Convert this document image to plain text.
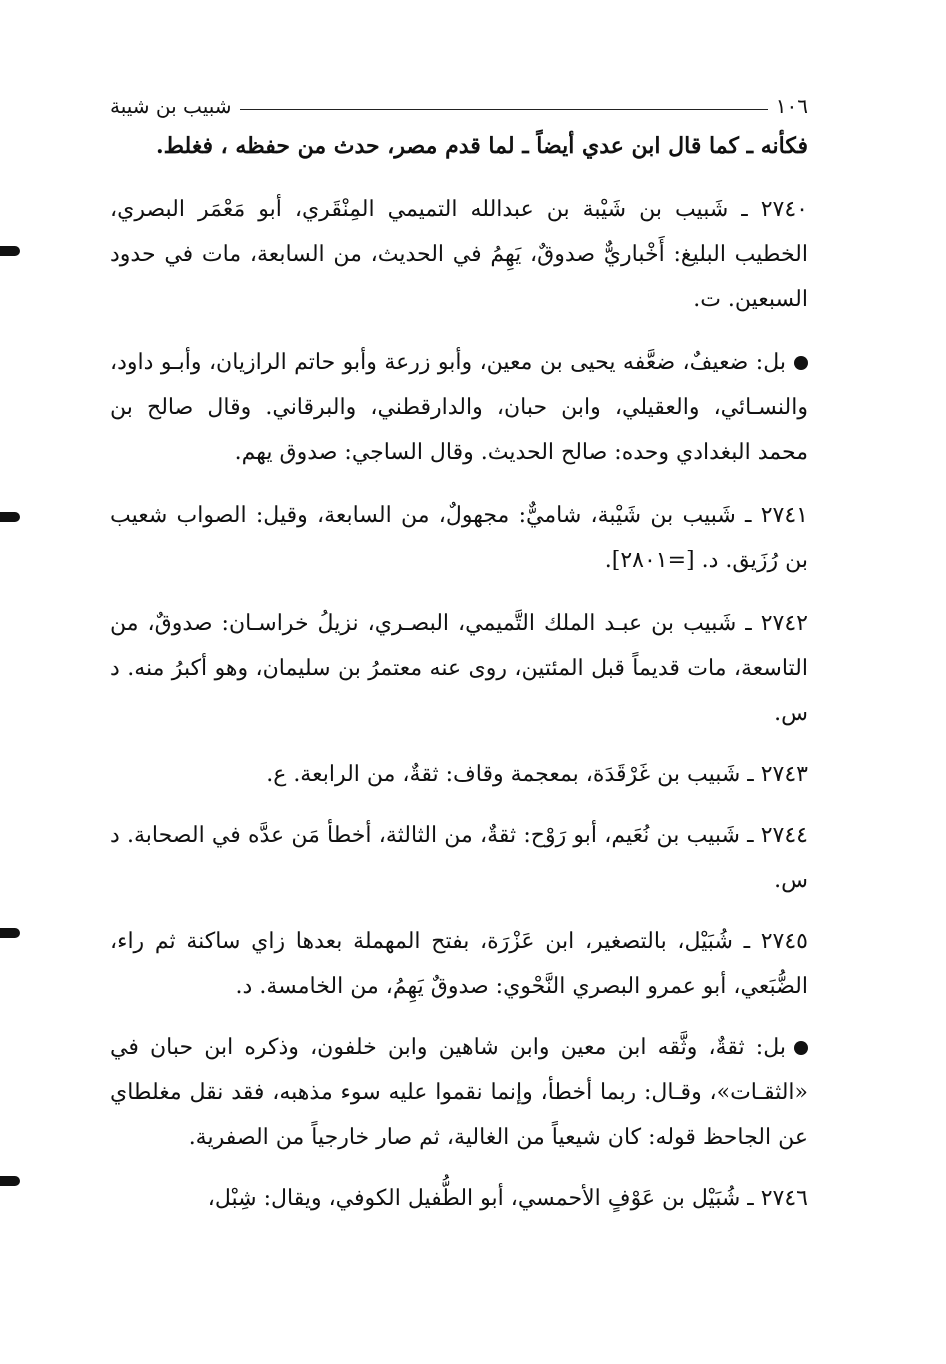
١٠٦
شبيب بن شيبة

فكأنه ـ كما قال ابن عدي أيضاً ـ لما قدم مصر، حدث من حفظه ، فغلط.

٢٧٤٠ ـ شَبيب بن شَيْبة بن عبدالله التميمي المِنْقَري، أبو مَعْمَر البصري، الخطيب البليغ: أَخْباريٌّ صدوقٌ، يَهِمُ في الحديث، من السابعة، مات في حدود السبعين. ت.

بل: ضعيفٌ، ضعَّفه يحيى بن معين، وأبو زرعة وأبو حاتم الرازيان، وأبـو داود، والنسـائي، والعقيلي، وابن حبان، والدارقطني، والبرقاني. وقال صالح بن محمد البغدادي وحده: صالح الحديث. وقال الساجي: صدوق يهم.

٢٧٤١ ـ شَبيب بن شَيْبة، شاميٌّ: مجهولٌ، من السابعة، وقيل: الصواب شعيب بن رُزَيق. د. [=٢٨٠١].

٢٧٤٢ ـ شَبيب بن عبـد الملك التَّميمي، البصـري، نزيلُ خراسـان: صدوقٌ، من التاسعة، مات قديماً قبل المئتين، روى عنه معتمرُ بن سليمان، وهو أكبرُ منه. د س.

٢٧٤٣ ـ شَبيب بن غَرْقَدَة، بمعجمة وقاف: ثقةٌ، من الرابعة. ع.

٢٧٤٤ ـ شَبيب بن نُعَيم، أبو رَوْح: ثقةٌ، من الثالثة، أخطأ مَن عدَّه في الصحابة. د س.

٢٧٤٥ ـ شُبَيْل، بالتصغير، ابن عَزْرَة، بفتح المهملة بعدها زاي ساكنة ثم راء، الضُّبَعي، أبو عمرو البصري النَّحْوي: صدوقٌ يَهِمُ، من الخامسة. د.

بل: ثقةٌ، وثَّقه ابن معين وابن شاهين وابن خلفون، وذكره ابن حبان في «الثقـات»، وقـال: ربما أخطأ، وإنما نقموا عليه سوء مذهبه، فقد نقل مغلطاي عن الجاحظ قوله: كان شيعياً من الغالية، ثم صار خارجياً من الصفرية.

٢٧٤٦ ـ شُبَيْل بن عَوْفٍ الأحمسي، أبو الطُّفيل الكوفي، ويقال: شِبْل،
